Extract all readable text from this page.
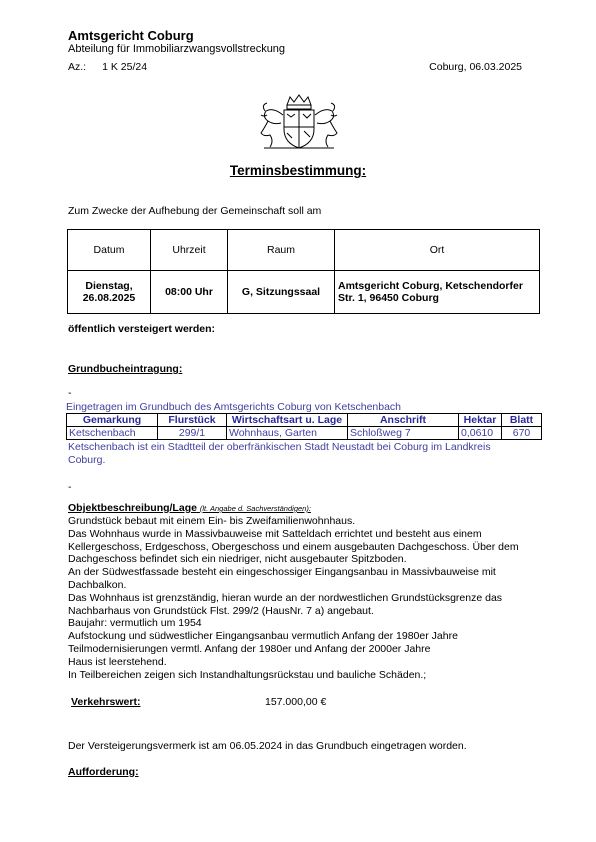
Amtsgericht Coburg
Abteilung für Immobiliarzwangsvollstreckung
Az.: 1 K 25/24	Coburg, 06.03.2025
Terminsbestimmung:
Zum Zwecke der Aufhebung der Gemeinschaft soll am
Datum	Uhrzeit	Raum	Ort
Dienstag, 26.08.2025	08:00 Uhr	G, Sitzungssaal	Amtsgericht Coburg, Ketschendorfer Str. 1, 96450 Coburg
öffentlich versteigert werden:
Grundbucheintragung:
-
Eingetragen im Grundbuch des Amtsgerichts Coburg von Ketschenbach
Gemarkung	Flurstück	Wirtschaftsart u. Lage	Anschrift	Hektar	Blatt
Ketschenbach	299/1	Wohnhaus, Garten	Schloßweg 7	0,0610	670
Ketschenbach ist ein Stadtteil der oberfränkischen Stadt Neustadt bei Coburg im Landkreis Coburg.
-
Objektbeschreibung/Lage (lt. Angabe d. Sachverständigen):
Grundstück bebaut mit einem Ein- bis Zweifamilienwohnhaus.
Das Wohnhaus wurde in Massivbauweise mit Satteldach errichtet und besteht aus einem Kellergeschoss, Erdgeschoss, Obergeschoss und einem ausgebauten Dachgeschoss. Über dem Dachgeschoss befindet sich ein niedriger, nicht ausgebauter Spitzboden.
An der Südwestfassade besteht ein eingeschossiger Eingangsanbau in Massivbauweise mit Dachbalkon.
Das Wohnhaus ist grenzständig, hieran wurde an der nordwestlichen Grundstücksgrenze das Nachbarhaus von Grundstück Flst. 299/2 (HausNr. 7 a) angebaut.
Baujahr: vermutlich um 1954
Aufstockung und südwestlicher Eingangsanbau vermutlich Anfang der 1980er Jahre
Teilmodernisierungen vermtl. Anfang der 1980er und Anfang der 2000er Jahre
Haus ist leerstehend.
In Teilbereichen zeigen sich Instandhaltungsrückstau und bauliche Schäden.;
Verkehrswert:	157.000,00 €
Der Versteigerungsvermerk ist am 06.05.2024 in das Grundbuch eingetragen worden.
Aufforderung:
